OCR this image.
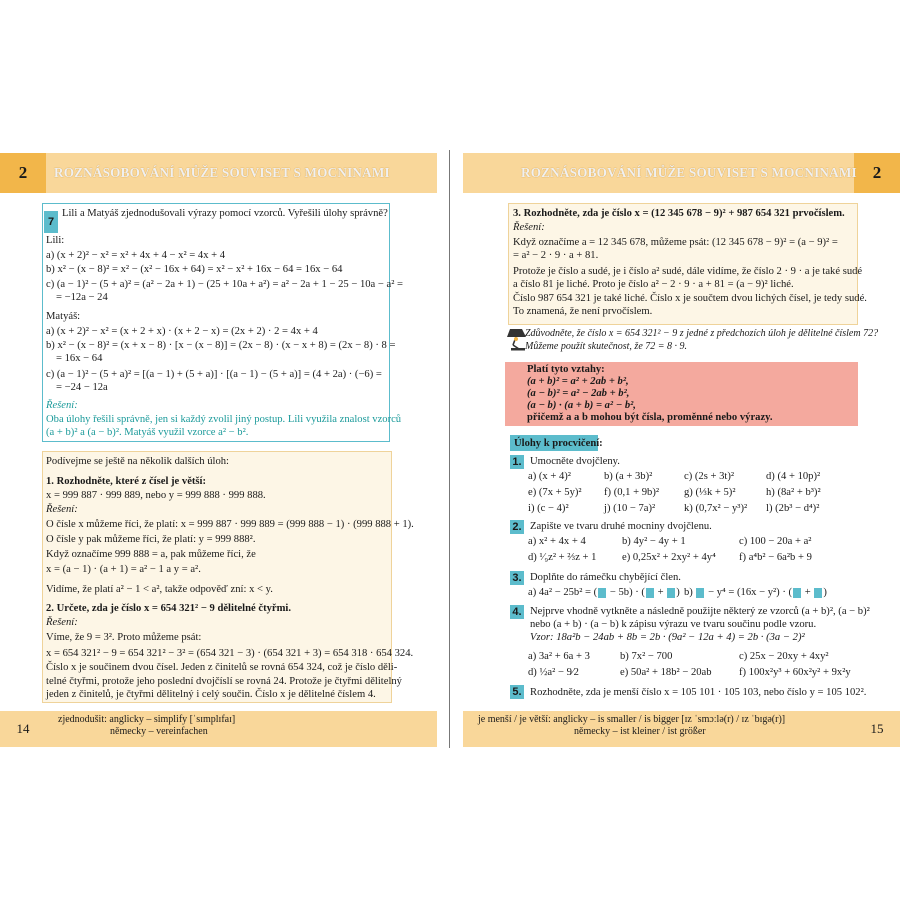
2	ROZNÁSOBOVÁNÍ MŮŽE SOUVISET S MOCNINAMI	2
ROZNÁSOBOVÁNÍ MŮŽE SOUVISET S MOCNINAMI
7
Lili a Matyáš zjednodušovali výrazy pomocí vzorců. Vyřešili úlohy správně?
Lili:
a) (x + 2)² − x² = x² + 4x + 4 − x² = 4x + 4
b) x² − (x − 8)² = x² − (x² − 16x + 64) = x² − x² + 16x − 64 = 16x − 64
c) (a − 1)² − (5 + a)² = (a² − 2a + 1) − (25 + 10a + a²) = a² − 2a + 1 − 25 − 10a − a² =
= −12a − 24
Matyáš:
a) (x + 2)² − x² = (x + 2 + x) · (x + 2 − x) = (2x + 2) · 2 = 4x + 4
b) x² − (x − 8)² = (x + x − 8) · [x − (x − 8)] = (2x − 8) · (x − x + 8) = (2x − 8) · 8 =
= 16x − 64
c) (a − 1)² − (5 + a)² = [(a − 1) + (5 + a)] · [(a − 1) − (5 + a)] = (4 + 2a) · (−6) =
= −24 − 12a
Řešení:
Oba úlohy řešili správně, jen si každý zvolil jiný postup. Lili využila znalost vzorců
(a + b)² a (a − b)². Matyáš využil vzorce a² − b².
Podívejme se ještě na několik dalších úloh:
1. Rozhodněte, které z čísel je větší:
x = 999 887 · 999 889, nebo y = 999 888 · 999 888.
Řešení:
O čísle x můžeme říci, že platí: x = 999 887 · 999 889 = (999 888 − 1) · (999 888 + 1).
O čísle y pak můžeme říci, že platí: y = 999 888².
Když označíme 999 888 = a, pak můžeme říci, že
x = (a − 1) · (a + 1) = a² − 1 a y = a².
Vidíme, že platí a² − 1 < a², takže odpověď zní: x < y.
2. Určete, zda je číslo x = 654 321² − 9 dělitelné čtyřmi.
Řešení:
Víme, že 9 = 3². Proto můžeme psát:
x = 654 321² − 9 = 654 321² − 3² = (654 321 − 3) · (654 321 + 3) = 654 318 · 654 324.
Číslo x je součinem dvou čísel. Jeden z činitelů se rovná 654 324, což je číslo děli-
telné čtyřmi, protože jeho poslední dvojčíslí se rovná 24. Protože je čtyřmi dělitelný
jeden z činitelů, je čtyřmi dělitelný i celý součin. Číslo x je dělitelné číslem 4.
14
zjednodušit: anglicky – simplify [ˈsɪmplɪfaɪ]
německy – vereinfachen
3. Rozhodněte, zda je číslo x = (12 345 678 − 9)² + 987 654 321 prvočíslem.
Řešení:
Když označíme a = 12 345 678, můžeme psát: (12 345 678 − 9)² = (a − 9)² =
= a² − 2 · 9 · a + 81.
Protože je číslo a sudé, je i číslo a² sudé, dále vidíme, že číslo 2 · 9 · a je také sudé
a číslo 81 je liché. Proto je číslo a² − 2 · 9 · a + 81 = (a − 9)² liché.
Číslo 987 654 321 je také liché. Číslo x je součtem dvou lichých čísel, je tedy sudé.
To znamená, že není prvočíslem.
Zdůvodněte, že číslo x = 654 321² − 9 z jedné z předchozích úloh je dělitelné číslem 72?
Můžeme použít skutečnost, že 72 = 8 · 9.
Platí tyto vztahy:
(a + b)² = a² + 2ab + b²,
(a − b)² = a² − 2ab + b²,
(a − b) · (a + b) = a² − b²,
přičemž a a b mohou být čísla, proměnné nebo výrazy.
Úlohy k procvičení:
1. Umocněte dvojčleny.
a) (x + 4)²	b) (a + 3b)²	c) (2s + 3t)²	d) (4 + 10p)²
e) (7x + 5y)² f) (0,1 + 9b)² g) (⅓k + 5)²	h) (8a² + b³)²
i) (c − 4)²	j) (10 − 7a)²	k) (0,7x² − y³)² l) (2b³ − d⁴)²
2. Zapište ve tvaru druhé mocniny dvojčlenu.
a) x² + 4x + 4	b) 4y² − 4y + 1	c) 100 − 20a + a²
d) ¹⁄₉z² + ⅔z + 1 e) 0,25x² + 2xy² + 4y⁴ f) a⁴b² − 6a²b + 9
3. Doplňte do rámečku chybějící člen.
a) 4a² − 25b² = ( − 5b) · ( + ) b)  − y⁴ = (16x − y²) · ( + )
4. Nejprve vhodně vytkněte a následně použijte některý ze vzorců (a + b)², (a − b)²
nebo (a + b) · (a − b) k zápisu výrazu ve tvaru součinu podle vzoru.
Vzor: 18a²b − 24ab + 8b = 2b · (9a² − 12a + 4) = 2b · (3a − 2)²
a) 3a² + 6a + 3	b) 7x² − 700	c) 25x − 20xy + 4xy²
d) ½a² − 9⁄2	e) 50a² + 18b² − 20ab	f) 100x²y³ + 60x²y² + 9x²y
5. Rozhodněte, zda je menší číslo x = 105 101 · 105 103, nebo číslo y = 105 102².
15
je menší / je větší: anglicky – is smaller / is bigger [ɪz ˈsmɔːlə(r) / ɪz ˈbɪgə(r)]
německy – ist kleiner / ist größer
